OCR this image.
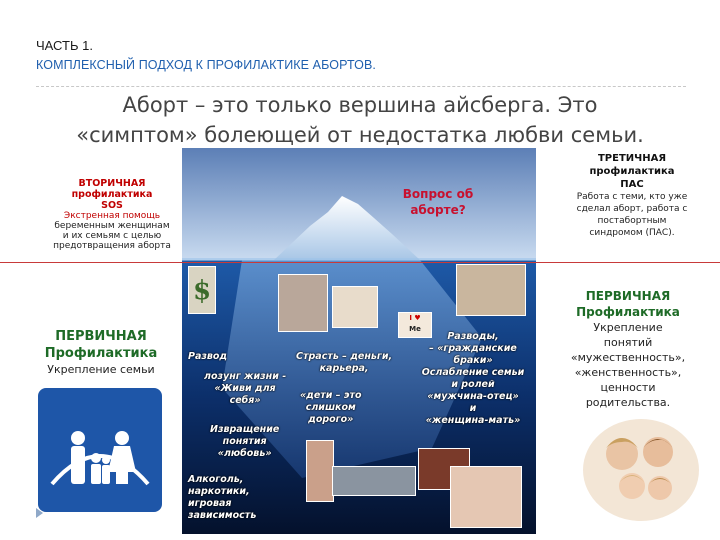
ЧАСТЬ 1.
КОМПЛЕКСНЫЙ ПОДХОД К ПРОФИЛАКТИКЕ АБОРТОВ.
Аборт – это только вершина айсберга. Это
«симптом» болеющей от недостатка любви семьи.
Вопрос об
аборте?
$
I ♥
Me
Развод
лозунг жизни -
«Живи для
себя»
Страсть – деньги,
карьера,
«дети – это
слишком
дорого»
Извращение
понятия
«любовь»
Алкоголь,
наркотики,
игровая
зависимость
Разводы,
– «гражданские
браки»
Ослабление семьи
и ролей
«мужчина-отец»
и
«женщина-мать»
ВТОРИЧНАЯ
профилактика
SOS
Экстренная помощь
беременным женщинам
и их семьям с целью
предотвращения аборта
ПЕРВИЧНАЯ
Профилактика
Укрепление семьи
ТРЕТИЧНАЯ
профилактика
ПАС
Работа с теми, кто уже
сделал аборт, работа с
постабортным
синдромом (ПАС).
ПЕРВИЧНАЯ
Профилактика
Укрепление
понятий
«мужественность»,
«женственность»,
ценности
родительства.
